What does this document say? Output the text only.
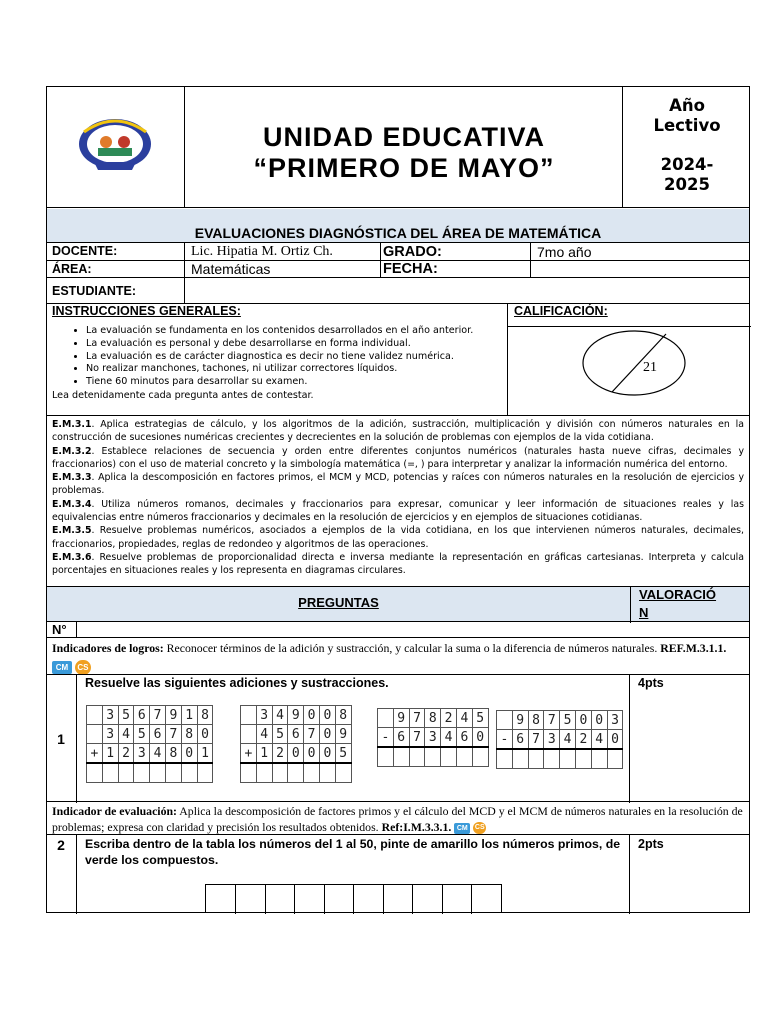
UNIDAD EDUCATIVA
“PRIMERO DE MAYO”
Año
Lectivo
2024-
2025
EVALUACIONES DIAGNÓSTICA DEL ÁREA DE MATEMÁTICA
DOCENTE:	Lic. Hipatia M. Ortiz Ch.	GRADO:	7mo año
ÁREA:	Matemáticas	FECHA:
ESTUDIANTE:
INSTRUCCIONES GENERALES:
• La evaluación se fundamenta en los contenidos desarrollados en el año anterior.
• La evaluación es personal y debe desarrollarse en forma individual.
• La evaluación es de carácter diagnostica es decir no tiene validez numérica.
• No realizar manchones, tachones, ni utilizar correctores líquidos.
• Tiene 60 minutos para desarrollar su examen.
Lea detenidamente cada pregunta antes de contestar.
CALIFICACIÓN:
21

E.M.3.1. Aplica estrategias de cálculo, y los algoritmos de la adición, sustracción, multiplicación y división con números naturales en la construcción de sucesiones numéricas crecientes y decrecientes en la solución de problemas con ejemplos de la vida cotidiana.

E.M.3.2. Establece relaciones de secuencia y orden entre diferentes conjuntos numéricos (naturales hasta nueve cifras, decimales y fraccionarios) con el uso de material concreto y la simbología matemática (=, ) para interpretar y analizar la información numérica del entorno.

E.M.3.3. Aplica la descomposición en factores primos, el MCM y MCD, potencias y raíces con números naturales en la resolución de ejercicios y problemas.

E.M.3.4. Utiliza números romanos, decimales y fraccionarios para expresar, comunicar y leer información de situaciones reales y las equivalencias entre números fraccionarios y decimales en la resolución de ejercicios y en ejemplos de situaciones cotidianas.

E.M.3.5. Resuelve problemas numéricos, asociados a ejemplos de la vida cotidiana, en los que intervienen números naturales, decimales, fraccionarios, propiedades, reglas de redondeo y algoritmos de las operaciones.

E.M.3.6. Resuelve problemas de proporcionalidad directa e inversa mediante la representación en gráficas cartesianas. Interpreta y calcula porcentajes en situaciones reales y los representa en diagramas circulares.

PREGUNTAS
VALORACIÓ
N
N°
Indicadores de logros: Reconocer términos de la adición y sustracción, y calcular la suma o la diferencia de números naturales. REF.M.3.1.1. CM CS
1
Resuelve las siguientes adiciones y sustracciones.	4pts
	3	5	6	7	9	1	8
	3	4	5	6	7	8	0
+	1	2	3	4	8	0	1

	3	4	9	0	0	8
	4	5	6	7	0	9
+	1	2	0	0	0	5

	9	7	8	2	4	5
-	6	7	3	4	6	0

	9	8	7	5	0	0	3
-	6	7	3	4	2	4	0

Indicador de evaluación: Aplica la descomposición de factores primos y el cálculo del MCD y el MCM de números naturales en la resolución de problemas; expresa con claridad y precisión los resultados obtenidos. Ref:I.M.3.3.1. CM CS
2	Escriba dentro de la tabla los números del 1 al 50, pinte de amarillo los números primos, de verde los compuestos.
2pts
